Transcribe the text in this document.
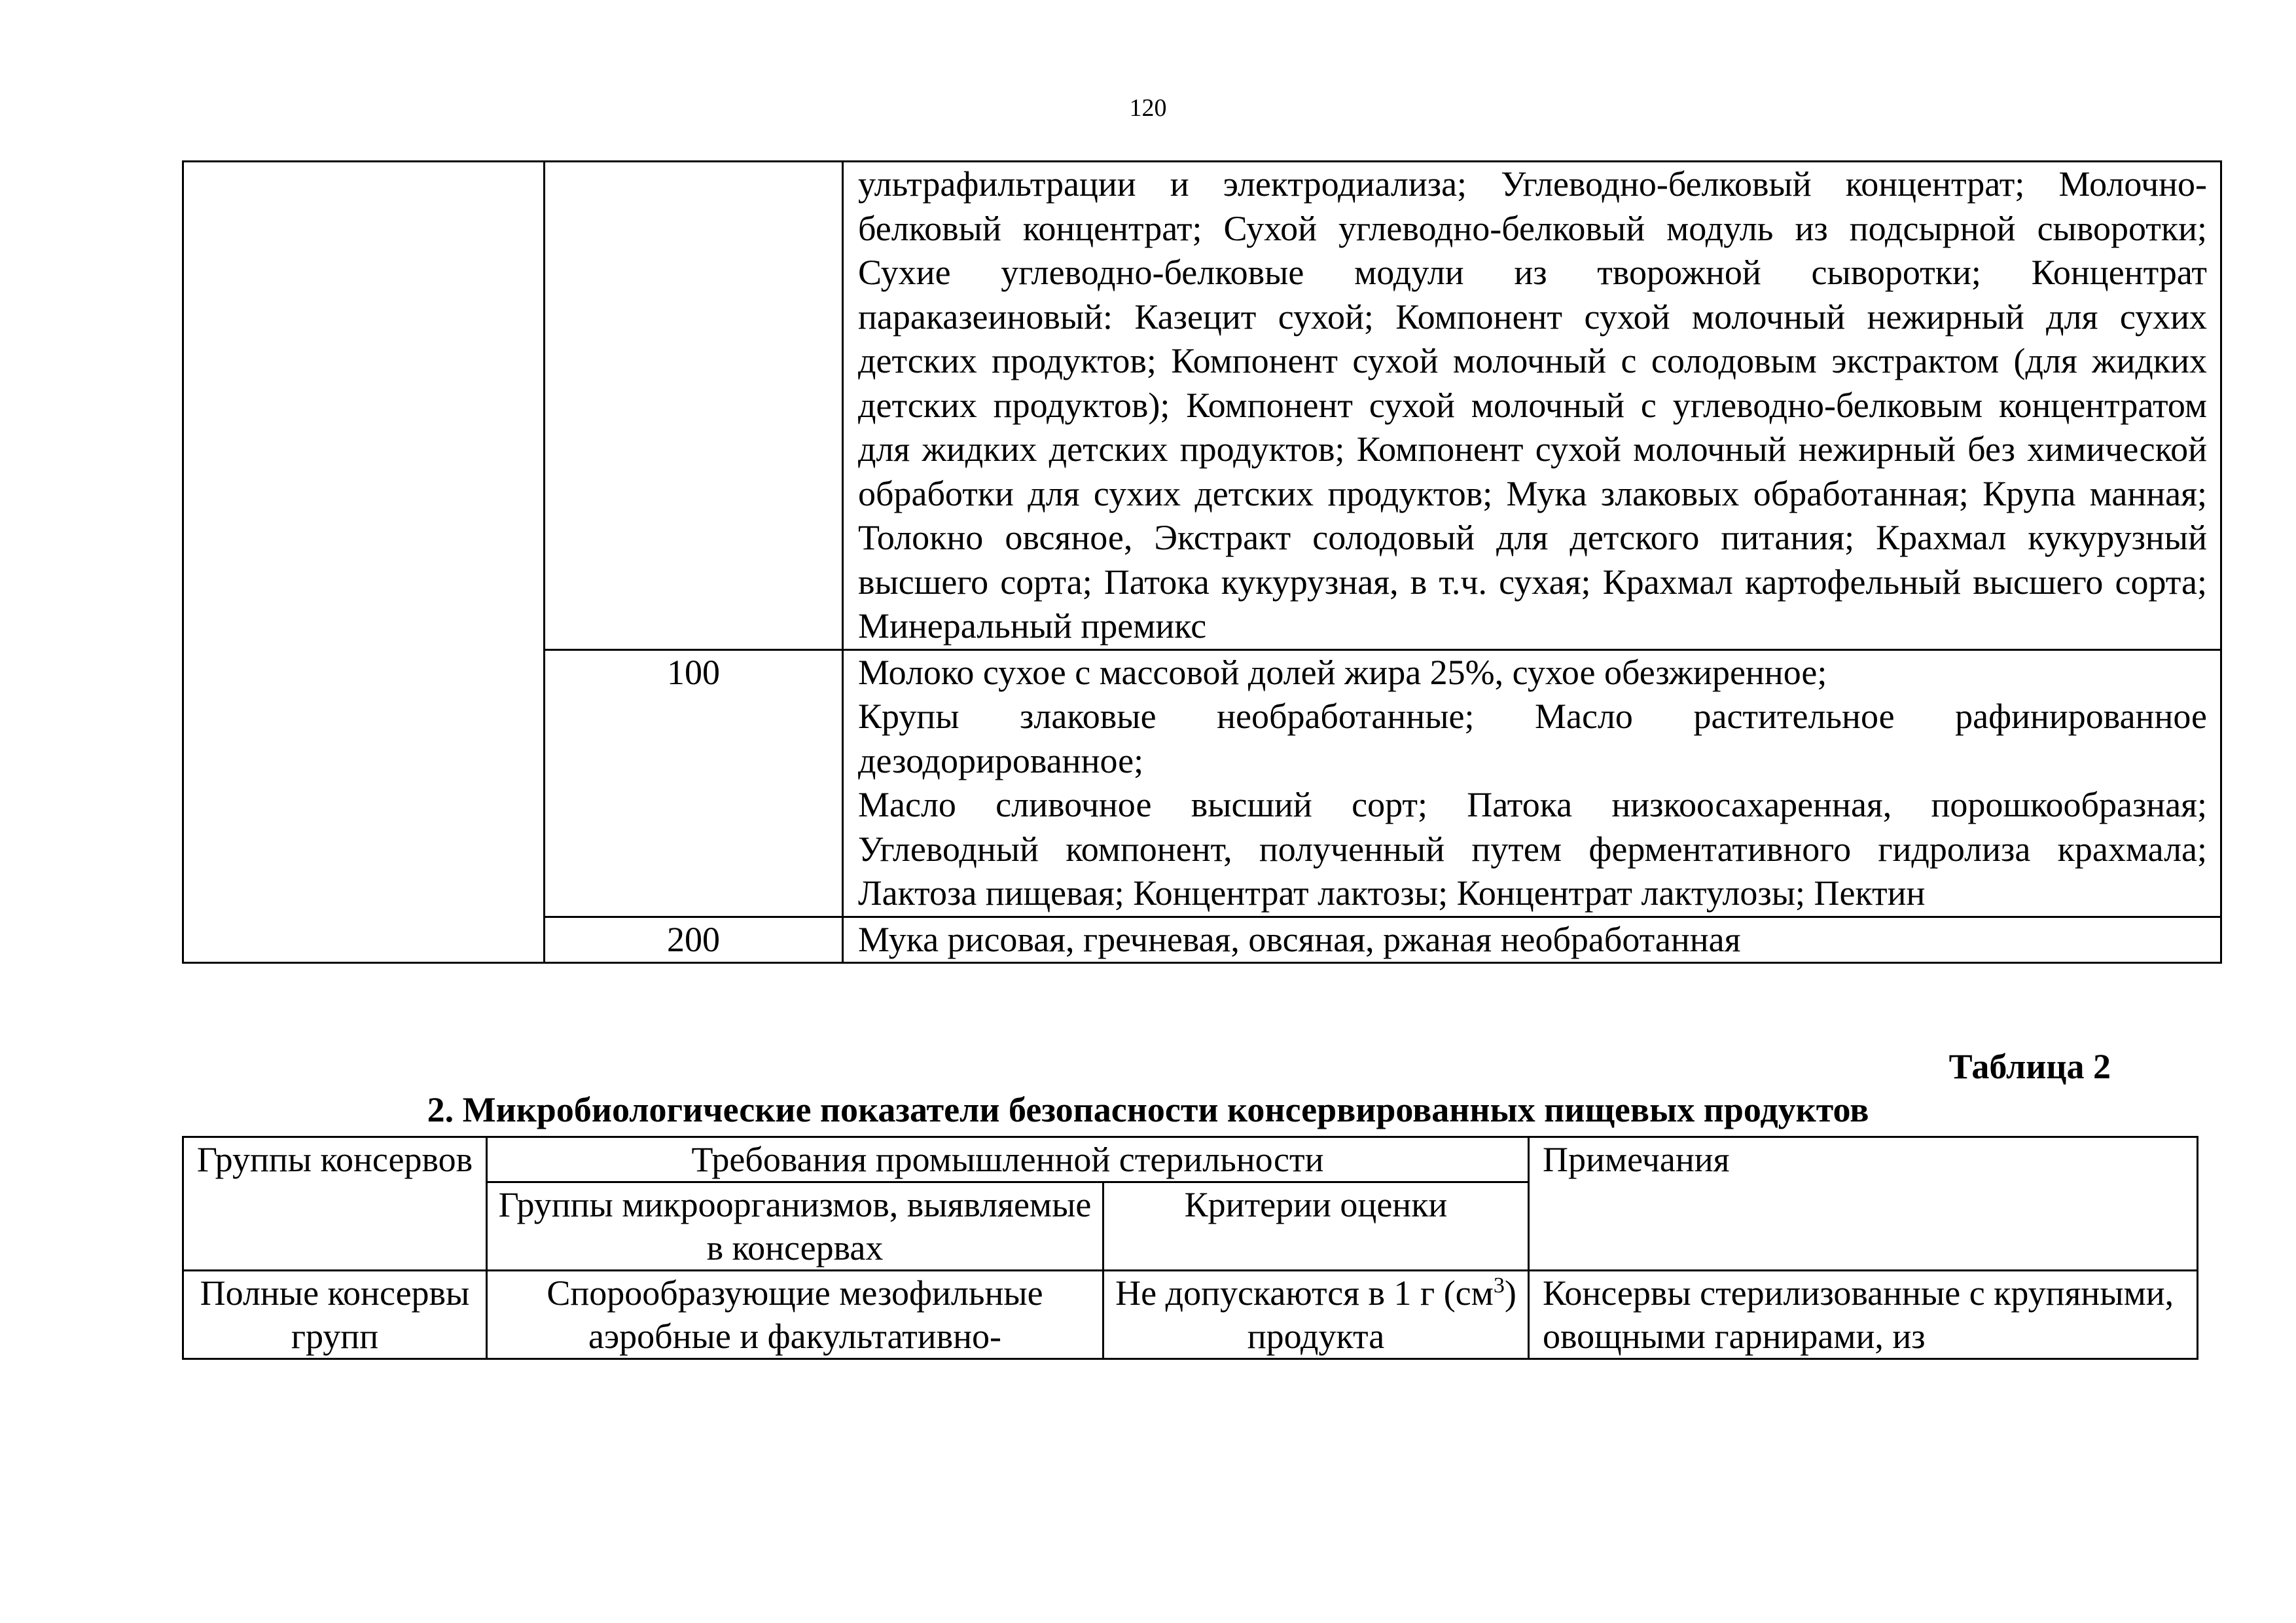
120

		ультрафильтрации и электродиализа; Углеводно-белковый концентрат; Молочно-белковый концентрат; Сухой углеводно-белковый модуль из подсырной сыворотки; Сухие углеводно-белковые модули из творожной сыворотки; Концентрат параказеиновый: Казецит сухой; Компонент сухой молочный нежирный для сухих детских продуктов; Компонент сухой молочный с солодовым экстрактом (для жидких детских продуктов); Компонент сухой молочный с углеводно-белковым концентратом для жидких детских продуктов; Компонент сухой молочный нежирный без химической обработки для сухих детских продуктов; Мука злаковых обработанная; Крупа манная; Толокно овсяное, Экстракт солодовый для детского питания; Крахмал кукурузный высшего сорта; Патока кукурузная, в т.ч. сухая; Крахмал картофельный высшего сорта; Минеральный премикс

	100	Молоко сухое с массовой долей жира 25%, сухое обезжиренное;
Крупы злаковые необработанные; Масло растительное рафинированное дезодорированное;
Масло сливочное высший сорт; Патока низкоосахаренная, порошкообразная; Углеводный компонент, полученный путем ферментативного гидролиза крахмала; Лактоза пищевая; Концентрат лактозы; Концентрат лактулозы; Пектин

	200	Мука рисовая, гречневая, овсяная, ржаная необработанная
Таблица 2
2. Микробиологические показатели безопасности консервированных пищевых продуктов
Группы консервов	Требования промышленной стерильности		Примечания
	Группы микроорганизмов, выявляемые в консервах	Критерии оценки	
Полные консервы групп	Спорообразующие мезофильные аэробные и факультативно-	Не допускаются в 1 г $(см^3)$ продукта	Консервы стерилизованные с крупяными, овощными гарнирами, из
